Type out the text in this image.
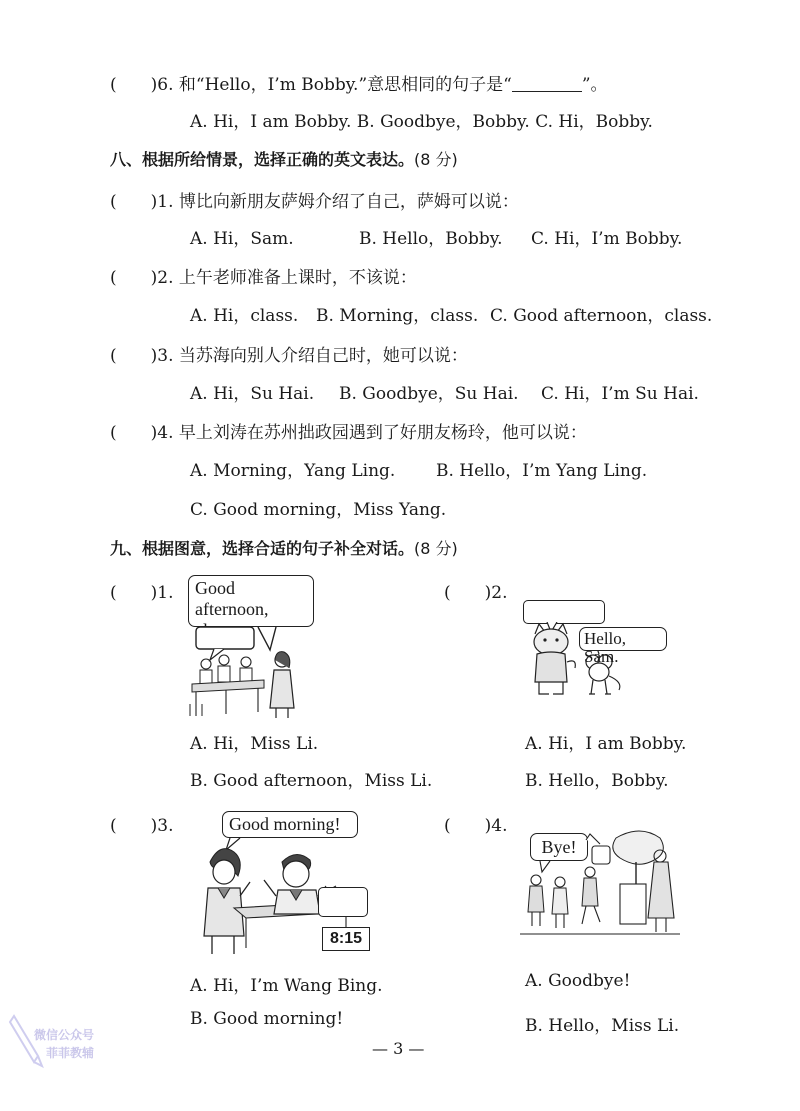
(　　)6. 和“Hello，I’m Bobby.”意思相同的句子是“	”。
A. Hi，I am Bobby. B. Goodbye，Bobby. C. Hi，Bobby.
八、根据所给情景，选择正确的英文表达。(8 分)
(　　)1. 博比向新朋友萨姆介绍了自己，萨姆可以说：
A. Hi，Sam.	B. Hello，Bobby. C. Hi，I’m Bobby.
(　　)2. 上午老师准备上课时，不该说：
A. Hi，class. B. Morning，class. C. Good afternoon，class.
(　　)3. 当苏海向别人介绍自己时，她可以说：
A. Hi，Su Hai. B. Goodbye，Su Hai. C. Hi，I’m Su Hai.
(　　)4. 早上刘涛在苏州拙政园遇到了好朋友杨玲，他可以说：
A. Morning，Yang Ling. B. Hello，I’m Yang Ling.
C. Good morning，Miss Yang.
九、根据图意，选择合适的句子补全对话。(8 分)
(　　)1.	Good afternoon,
A. Hi，Miss Li.
B. Good afternoon，Miss Li.
(　　)2.
Hello, Sam.
A. Hi，I am Bobby.
B. Hello，Bobby.
(　　)3.	Good morning!
8:15
A. Hi，I’m Wang Bing.
B. Good morning!
(　　)4.
Bye!
A. Goodbye!
B. Hello，Miss Li.
— 3 —
微信公众号
菲菲教辅
